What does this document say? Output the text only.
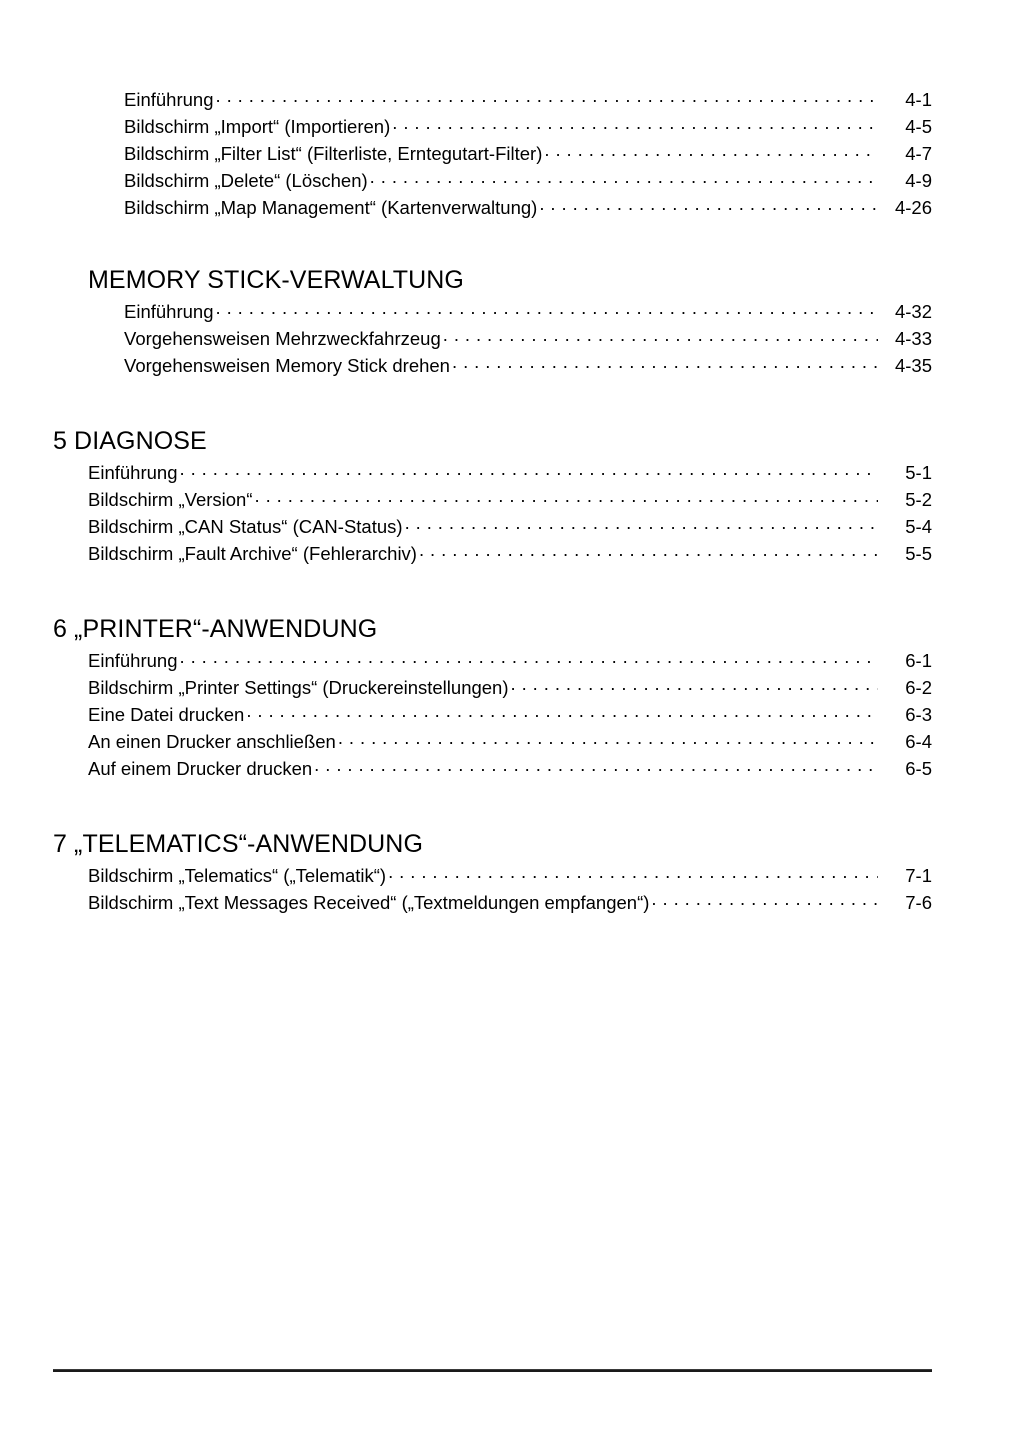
Einführung . . .	4-1
Bildschirm „Import“ (Importieren) . . .	4-5
Bildschirm „Filter List“ (Filterliste, Erntegutart-Filter) . . .	4-7
Bildschirm „Delete“ (Löschen) . . .	4-9
Bildschirm „Map Management“ (Kartenverwaltung) . . .	4-26
MEMORY STICK-VERWALTUNG
Einführung . . .	4-32
Vorgehensweisen Mehrzweckfahrzeug . . .	4-33
Vorgehensweisen Memory Stick drehen . . .	4-35
5 DIAGNOSE
Einführung . . .	5-1
Bildschirm „Version“ . . .	5-2
Bildschirm „CAN Status“ (CAN-Status) . . .	5-4
Bildschirm „Fault Archive“ (Fehlerarchiv) . . .	5-5
6 „PRINTER“-ANWENDUNG
Einführung . . .	6-1
Bildschirm „Printer Settings“ (Druckereinstellungen) . . .	6-2
Eine Datei drucken . . .	6-3
An einen Drucker anschließen . . .	6-4
Auf einem Drucker drucken . . .	6-5
7 „TELEMATICS“-ANWENDUNG
Bildschirm „Telematics“ („Telematik“) . . .	7-1
Bildschirm „Text Messages Received“ („Textmeldungen empfangen“) . . .	7-6
